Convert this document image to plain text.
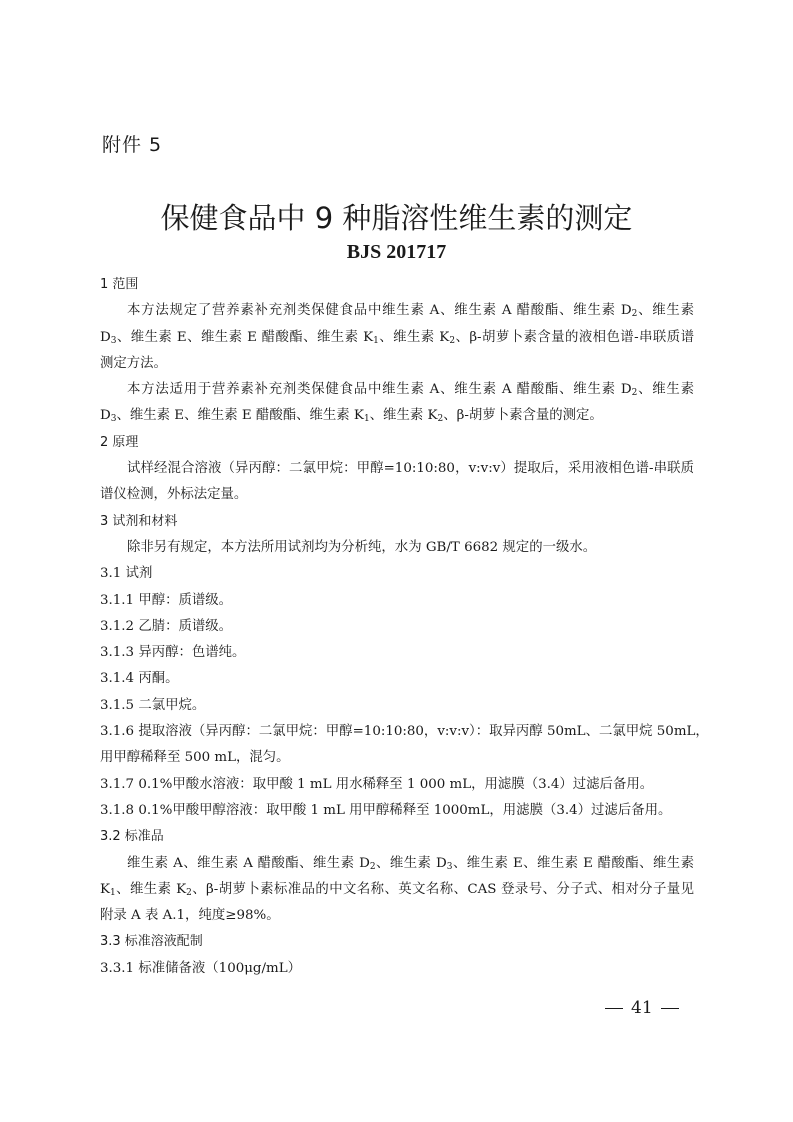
附件 5
保健食品中 9 种脂溶性维生素的测定
BJS 201717
1 范围
本方法规定了营养素补充剂类保健食品中维生素 A、维生素 A 醋酸酯、维生素 $D_2$、维生素
$D_3$、维生素 E、维生素 E 醋酸酯、维生素 $K_1$、维生素 $K_2$、β-胡萝卜素含量的液相色谱-串联质谱
测定方法。
本方法适用于营养素补充剂类保健食品中维生素 A、维生素 A 醋酸酯、维生素 $D_2$、维生素
$D_3$、维生素 E、维生素 E 醋酸酯、维生素 $K_1$、维生素 $K_2$、β-胡萝卜素含量的测定。
2 原理
试样经混合溶液（异丙醇：二氯甲烷：甲醇=10:10:80，v:v:v）提取后，采用液相色谱-串联质
谱仪检测，外标法定量。
3 试剂和材料
除非另有规定，本方法所用试剂均为分析纯，水为 GB/T 6682 规定的一级水。
3.1 试剂
3.1.1 甲醇：质谱级。
3.1.2 乙腈：质谱级。
3.1.3 异丙醇：色谱纯。
3.1.4 丙酮。
3.1.5 二氯甲烷。
3.1.6 提取溶液（异丙醇：二氯甲烷：甲醇=10:10:80，v:v:v）：取异丙醇 50mL、二氯甲烷 50mL，
用甲醇稀释至 500 mL，混匀。
3.1.7 0.1%甲酸水溶液：取甲酸 1 mL 用水稀释至 1 000 mL，用滤膜（3.4）过滤后备用。
3.1.8 0.1%甲酸甲醇溶液：取甲酸 1 mL 用甲醇稀释至 1000mL，用滤膜（3.4）过滤后备用。
3.2 标准品
维生素 A、维生素 A 醋酸酯、维生素 $D_2$、维生素 $D_3$、维生素 E、维生素 E 醋酸酯、维生素
$K_1$、维生素 $K_2$、β-胡萝卜素标准品的中文名称、英文名称、CAS 登录号、分子式、相对分子量见
附录 A 表 A.1，纯度≥98%。
3.3 标准溶液配制
3.3.1 标准储备液（100μg/mL）
41
